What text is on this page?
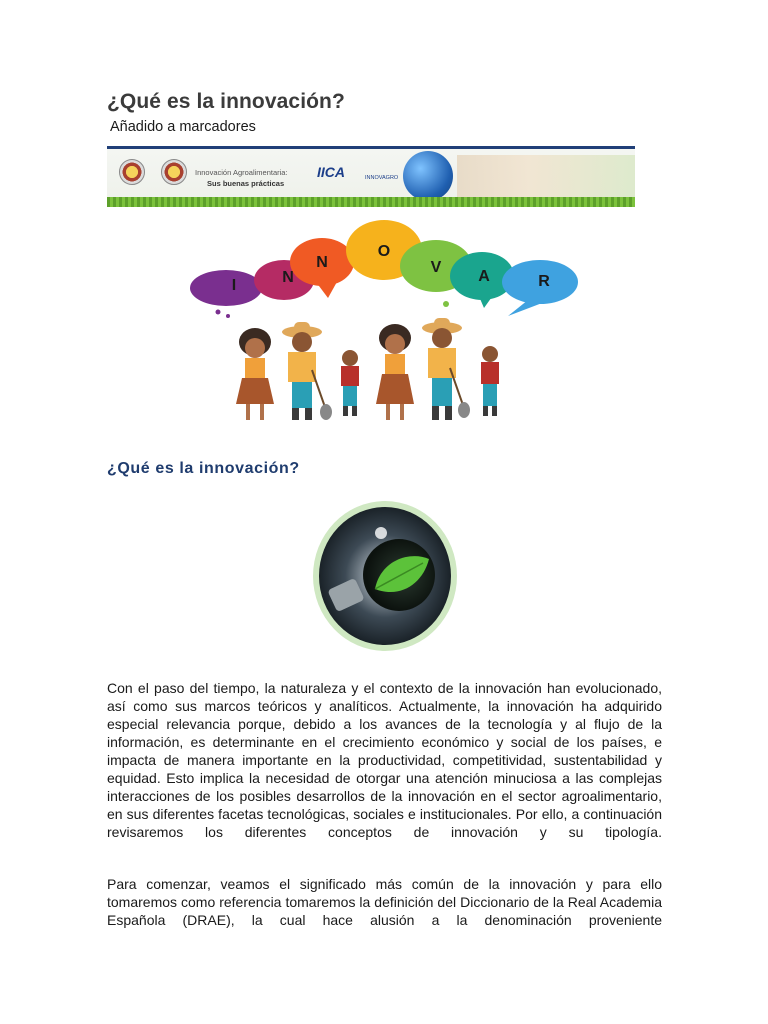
¿Qué es la innovación?
Añadido a marcadores
Innovación Agroalimentaria:
Sus buenas prácticas
IICA	INNOVAGRO
I	N
N
O
V
A	R
¿Qué es la innovación?

Con el paso del tiempo, la naturaleza y el contexto de la innovación han evolucionado, así como sus marcos teóricos y analíticos. Actualmente, la innovación ha adquirido especial relevancia porque, debido a los avances de la tecnología y al flujo de la información, es determinante en el crecimiento económico y social de los países, e impacta de manera importante en la productividad, competitividad, sustentabilidad y equidad. Esto implica la necesidad de otorgar una atención minuciosa a las complejas interacciones de los posibles desarrollos de la innovación en el sector agroalimentario, en sus diferentes facetas tecnológicas, sociales e institucionales. Por ello, a continuación revisaremos los diferentes conceptos de innovación y su tipología.

Para comenzar, veamos el significado más común de la innovación y para ello tomaremos como referencia tomaremos la definición del Diccionario de la Real Academia Española (DRAE), la cual hace alusión a la denominación proveniente
